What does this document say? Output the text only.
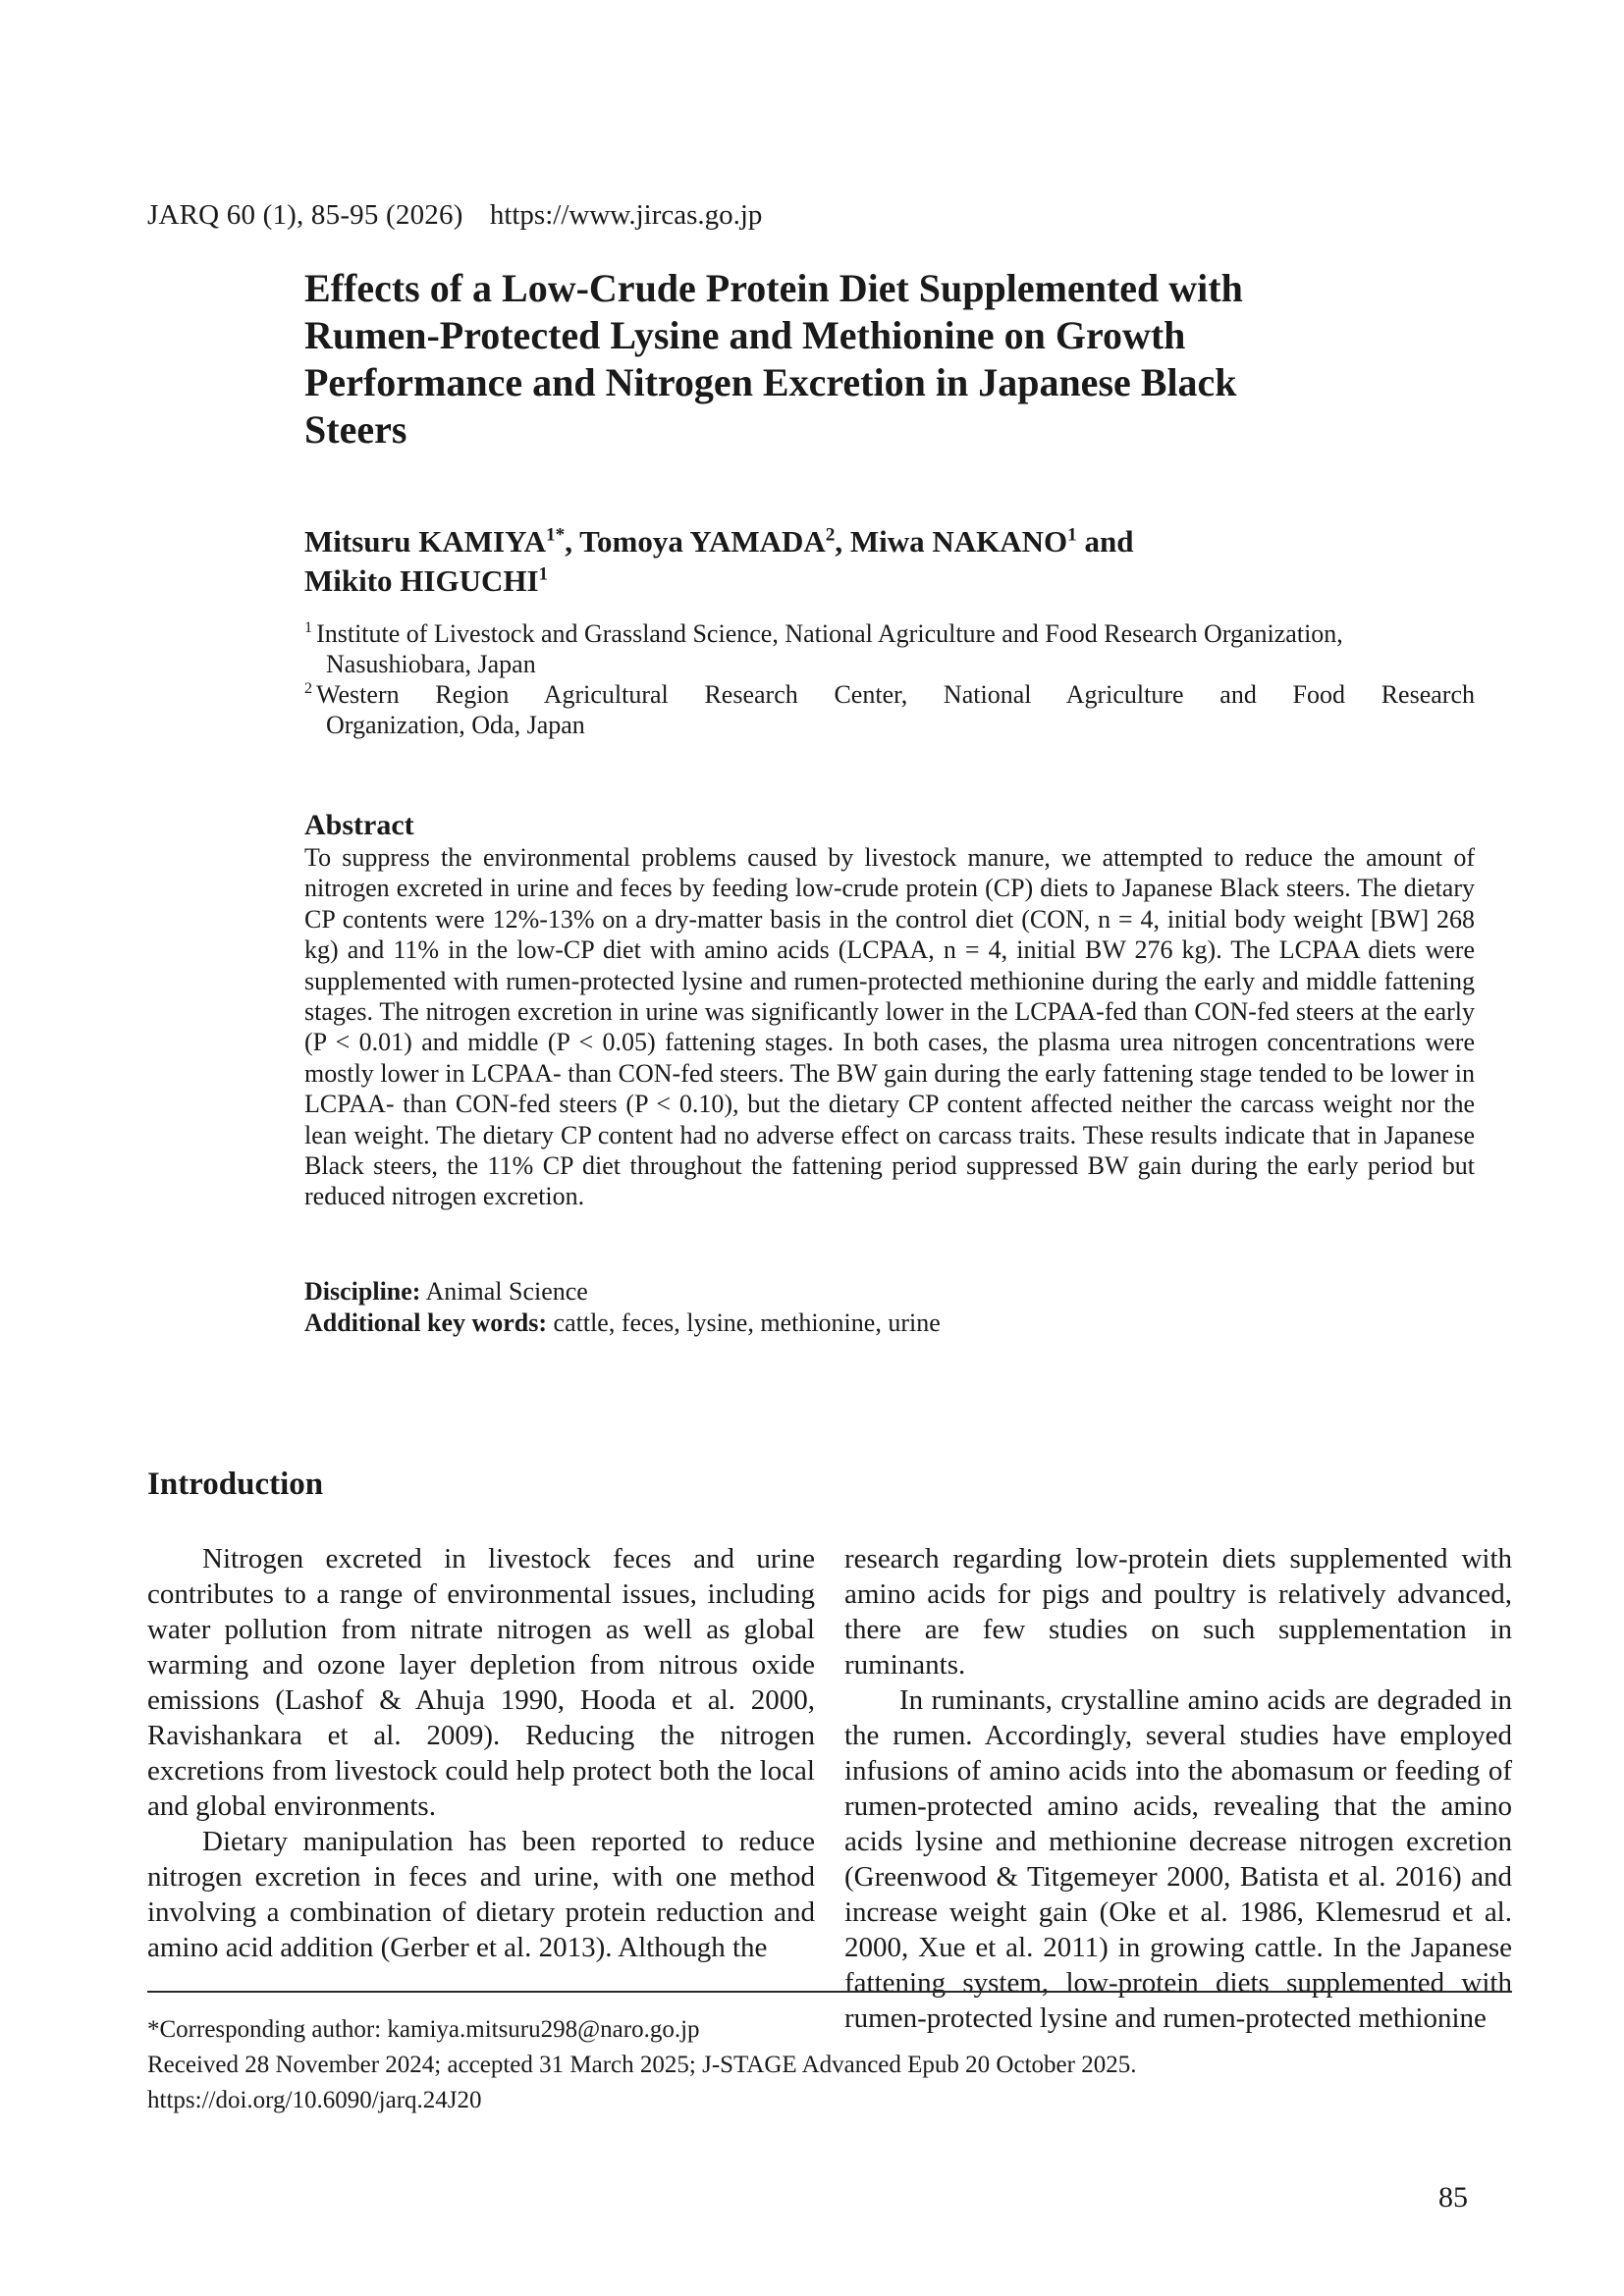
JARQ 60 (1), 85-95 (2026) https://www.jircas.go.jp
Effects of a Low-Crude Protein Diet Supplemented with
Rumen-Protected Lysine and Methionine on Growth
Performance and Nitrogen Excretion in Japanese Black
Steers
Mitsuru $KAMIYA^{1*}$, Tomoya YAMADA$^2$, Miwa NAKANO$^1$ and
Mikito HIGUCHI$^1$
$^1$ Institute of Livestock and Grassland Science, National Agriculture and Food Research Organization,
Nasushiobara, Japan
$^2$ Western Region Agricultural Research Center, National Agriculture and Food Research
Organization, Oda, Japan
Abstract
To suppress the environmental problems caused by livestock manure, we attempted to reduce the amount of nitrogen excreted in urine and feces by feeding low-crude protein (CP) diets to Japanese Black steers. The dietary CP contents were 12%-13% on a dry-matter basis in the control diet (CON, n = 4, initial body weight [BW] 268 kg) and 11% in the low-CP diet with amino acids (LCPAA, n = 4, initial BW 276 kg). The LCPAA diets were supplemented with rumen-protected lysine and rumen-protected methionine during the early and middle fattening stages. The nitrogen excretion in urine was significantly lower in the LCPAA-fed than CON-fed steers at the early (P < 0.01) and middle (P < 0.05) fattening stages. In both cases, the plasma urea nitrogen concentrations were mostly lower in LCPAA- than CON-fed steers. The BW gain during the early fattening stage tended to be lower in LCPAA- than CON-fed steers (P < 0.10), but the dietary CP content affected neither the carcass weight nor the lean weight. The dietary CP content had no adverse effect on carcass traits. These results indicate that in Japanese Black steers, the 11% CP diet throughout the fattening period suppressed BW gain during the early period but reduced nitrogen excretion.
Discipline: Animal Science
Additional key words: cattle, feces, lysine, methionine, urine
Introduction

Nitrogen excreted in livestock feces and urine contributes to a range of environmental issues, including water pollution from nitrate nitrogen as well as global warming and ozone layer depletion from nitrous oxide emissions (Lashof & Ahuja 1990, Hooda et al. 2000, Ravishankara et al. 2009). Reducing the nitrogen excretions from livestock could help protect both the local and global environments.

Dietary manipulation has been reported to reduce nitrogen excretion in feces and urine, with one method involving a combination of dietary protein reduction and amino acid addition (Gerber et al. 2013). Although the

research regarding low-protein diets supplemented with amino acids for pigs and poultry is relatively advanced, there are few studies on such supplementation in ruminants.

In ruminants, crystalline amino acids are degraded in the rumen. Accordingly, several studies have employed infusions of amino acids into the abomasum or feeding of rumen-protected amino acids, revealing that the amino acids lysine and methionine decrease nitrogen excretion (Greenwood & Titgemeyer 2000, Batista et al. 2016) and increase weight gain (Oke et al. 1986, Klemesrud et al. 2000, Xue et al. 2011) in growing cattle. In the Japanese fattening system, low-protein diets supplemented with rumen-protected lysine and rumen-protected methionine

*Corresponding author: kamiya.mitsuru298@naro.go.jp
Received 28 November 2024; accepted 31 March 2025; J-STAGE Advanced Epub 20 October 2025.
https://doi.org/10.6090/jarq.24J20
85
